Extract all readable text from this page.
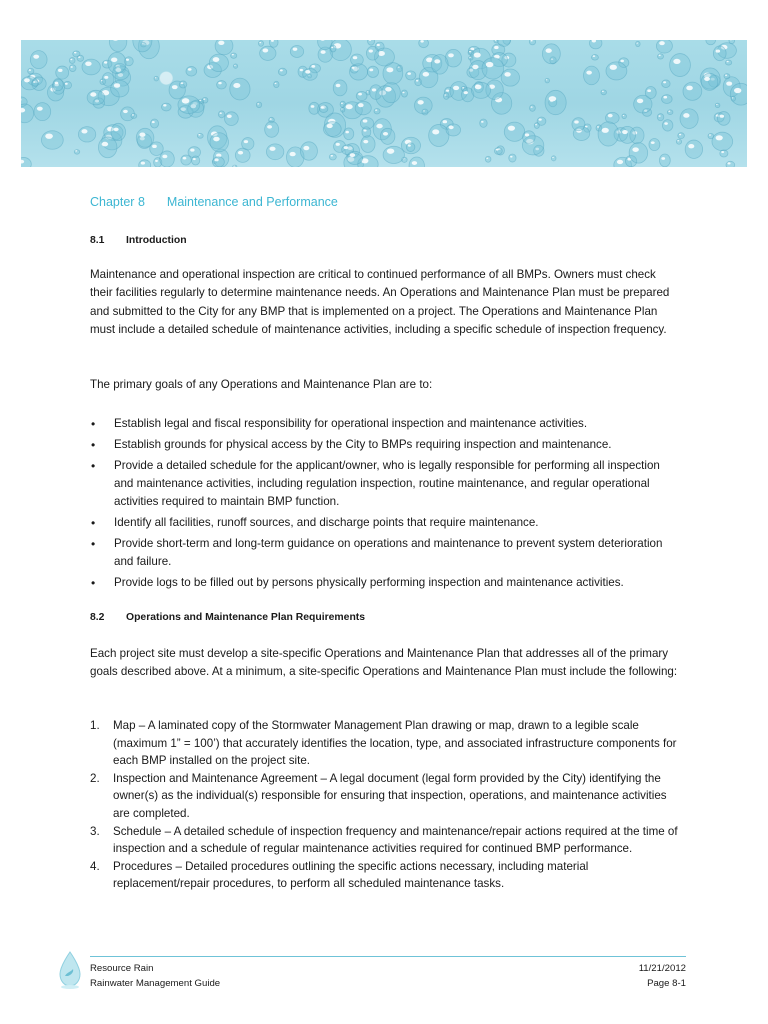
Chapter 8 Maintenance and Performance
8.1	Introduction

Maintenance and operational inspection are critical to continued performance of all BMPs. Owners must check their facilities regularly to determine maintenance needs. An Operations and Maintenance Plan must be prepared and submitted to the City for any BMP that is implemented on a project. The Operations and Maintenance Plan must include a detailed schedule of maintenance activities, including a specific schedule of inspection frequency.

The primary goals of any Operations and Maintenance Plan are to:

• Establish legal and fiscal responsibility for operational inspection and maintenance activities.
• Establish grounds for physical access by the City to BMPs requiring inspection and maintenance.
• Provide a detailed schedule for the applicant/owner, who is legally responsible for performing all inspection and maintenance activities, including regulation inspection, routine maintenance, and regular operational activities required to maintain BMP function.
• Identify all facilities, runoff sources, and discharge points that require maintenance.
• Provide short-term and long-term guidance on operations and maintenance to prevent system deterioration and failure.
• Provide logs to be filled out by persons physically performing inspection and maintenance activities.
8.2	Operations and Maintenance Plan Requirements

Each project site must develop a site-specific Operations and Maintenance Plan that addresses all of the primary goals described above. At a minimum, a site-specific Operations and Maintenance Plan must include the following:

1. Map – A laminated copy of the Stormwater Management Plan drawing or map, drawn to a legible scale (maximum 1” = 100’) that accurately identifies the location, type, and associated infrastructure components for each BMP installed on the project site.
2. Inspection and Maintenance Agreement – A legal document (legal form provided by the City) identifying the owner(s) as the individual(s) responsible for ensuring that inspection, operations, and maintenance activities are completed.
3. Schedule – A detailed schedule of inspection frequency and maintenance/repair actions required at the time of inspection and a schedule of regular maintenance activities required for continued BMP performance.
4. Procedures – Detailed procedures outlining the specific actions necessary, including material replacement/repair procedures, to perform all scheduled maintenance tasks.
Resource Rain
Rainwater Management Guide
11/21/2012
Page 8-1
